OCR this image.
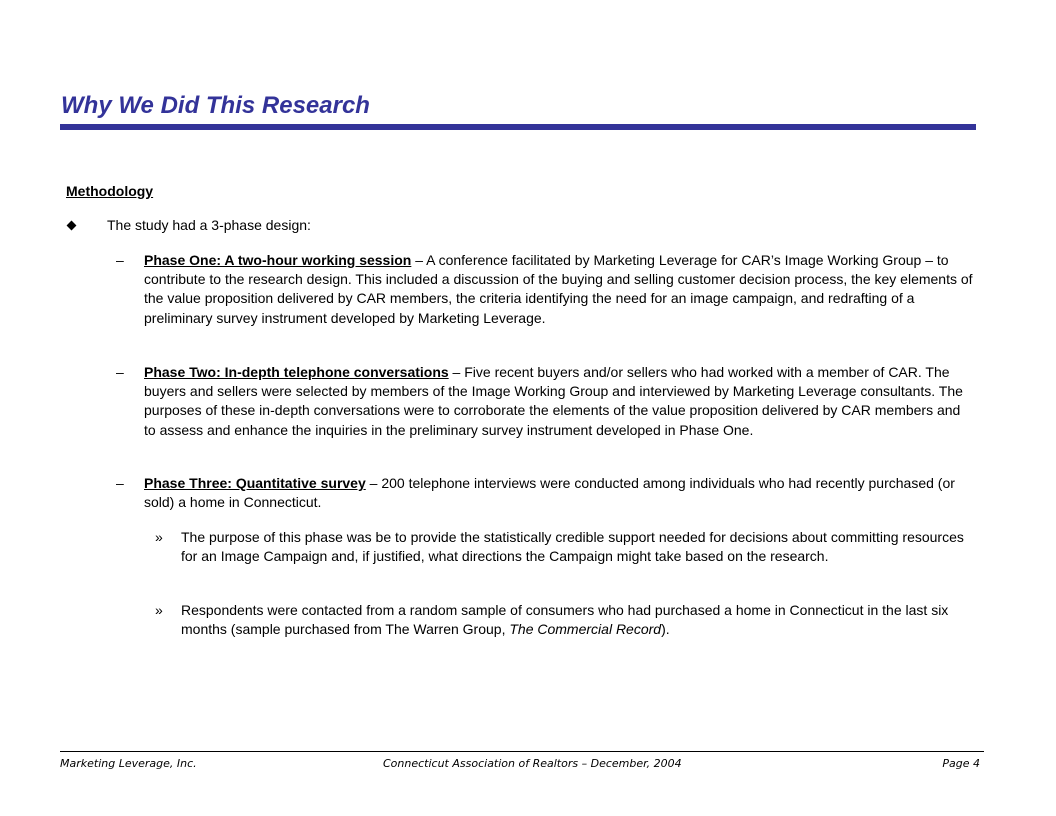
Why We Did This Research
Methodology
The study had a 3-phase design:
– Phase One: A two-hour working session – A conference facilitated by Marketing Leverage for CAR’s Image Working Group – to contribute to the research design. This included a discussion of the buying and selling customer decision process, the key elements of the value proposition delivered by CAR members, the criteria identifying the need for an image campaign, and redrafting of a preliminary survey instrument developed by Marketing Leverage.
– Phase Two: In-depth telephone conversations – Five recent buyers and/or sellers who had worked with a member of CAR. The buyers and sellers were selected by members of the Image Working Group and interviewed by Marketing Leverage consultants. The purposes of these in-depth conversations were to corroborate the elements of the value proposition delivered by CAR members and to assess and enhance the inquiries in the preliminary survey instrument developed in Phase One.
– Phase Three: Quantitative survey – 200 telephone interviews were conducted among individuals who had recently purchased (or sold) a home in Connecticut.
» The purpose of this phase was be to provide the statistically credible support needed for decisions about committing resources for an Image Campaign and, if justified, what directions the Campaign might take based on the research.
» Respondents were contacted from a random sample of consumers who had purchased a home in Connecticut in the last six months (sample purchased from The Warren Group, The Commercial Record).
Marketing Leverage, Inc.	Connecticut Association of Realtors – December, 2004	Page 4
